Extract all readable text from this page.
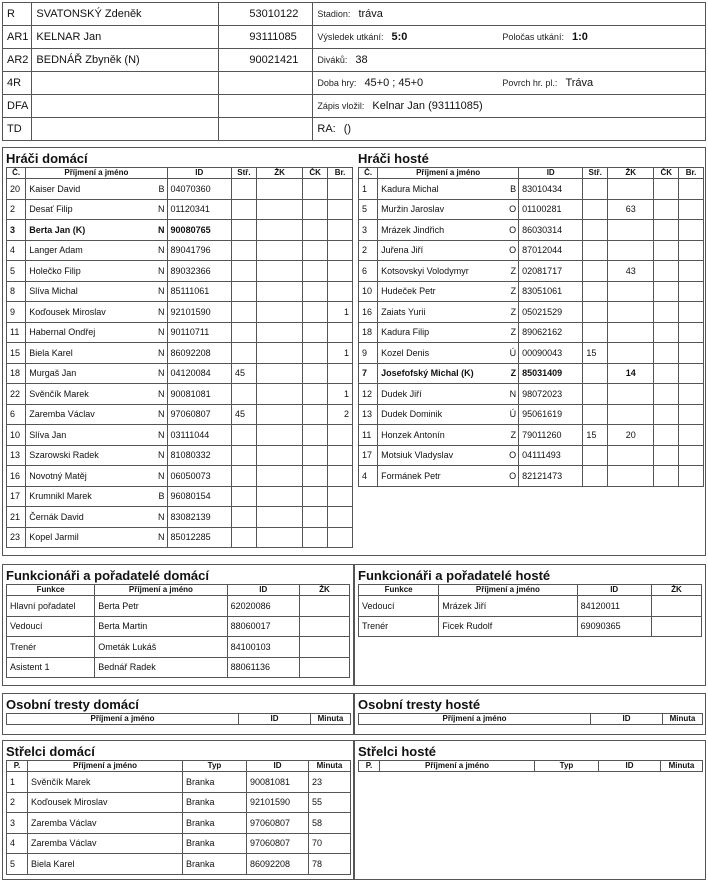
R	SVATONSKÝ Zdeněk	53010122	Stadion: tráva
AR1	KELNAR Jan	93111085	Výsledek utkání: 5:0 Poločas utkání: 1:0

AR2	BEDNÁŘ Zbyněk (N)	90021421	Diváků: 38
4R			Doba hry: 45+0 ; 45+0 Povrch hr. pl.: Tráva

DFA			Zápis vložil: Kelnar Jan (93111085)
TD			RA: ()
Hráči domácí
Č.	Příjmení a jméno	ID	Stř.	ŽK	ČK	Br.
20	Kaiser David B	04070360				
2	Desať Filip N	01120341				
3	Berta Jan (K) N	90080765				
4	Langer Adam N	89041796				
5	Holečko Filip N	89032366				
8	Slíva Michal N	85111061				
9	Koďousek Miroslav N	92101590				1
11	Habernal Ondřej N	90110711				
15	Biela Karel N	86092208				1
18	Murgaš Jan N	04120084	45			
22	Svěnčík Marek N	90081081				1
6	Zaremba Václav N	97060807	45			2
10	Slíva Jan N	03111044				
13	Szarowski Radek N	81080332				
16	Novotný Matěj N	06050073				
17	Krumnikl Marek B	96080154				
21	Černák David N	83082139				
23	Kopel Jarmil N	85012285				
Hráči hosté
Č.	Příjmení a jméno	ID	Stř.	ŽK	ČK	Br.
1	Kadura Michal B	83010434				
5	Muržin Jaroslav O	01100281		63		
3	Mrázek Jindřich O	86030314				
2	Juřena Jiří O	87012044				
6	Kotsovskyi Volodymyr Z	02081717		43		
10	Hudeček Petr Z	83051061				
16	Zaiats Yurii Z	05021529				
18	Kadura Filip Z	89062162				
9	Kozel Denis Ú	00090043	15			
7	Josefofský Michal (K) Z	85031409		14		
12	Dudek Jiří N	98072023				
13	Dudek Dominik Ú	95061619				
11	Honzek Antonín Z	79011260	15	20		
17	Motsiuk Vladyslav O	04111493				
4	Formánek Petr O	82121473				
Funkcionáři a pořadatelé domácí
Funkce	Příjmení a jméno	ID	ŽK
Hlavní pořadatel	Berta Petr	62020086	
Vedoucí	Berta Martin	88060017	
Trenér	Ometák Lukáš	84100103	
Asistent 1	Bednář Radek	88061136	
Funkcionáři a pořadatelé hosté
Funkce	Příjmení a jméno	ID	ŽK
Vedoucí	Mrázek Jiří	84120011	
Trenér	Ficek Rudolf	69090365	
Osobní tresty domácí
Příjmení a jméno	ID	Minuta
Osobní tresty hosté
Příjmení a jméno	ID	Minuta
Střelci domácí
P.	Příjmení a jméno	Typ	ID	Minuta
1	Svěnčík Marek	Branka	90081081	23
2	Koďousek Miroslav	Branka	92101590	55
3	Zaremba Václav	Branka	97060807	58
4	Zaremba Václav	Branka	97060807	70
5	Biela Karel	Branka	86092208	78
Střelci hosté
P.	Příjmení a jméno	Typ	ID	Minuta
